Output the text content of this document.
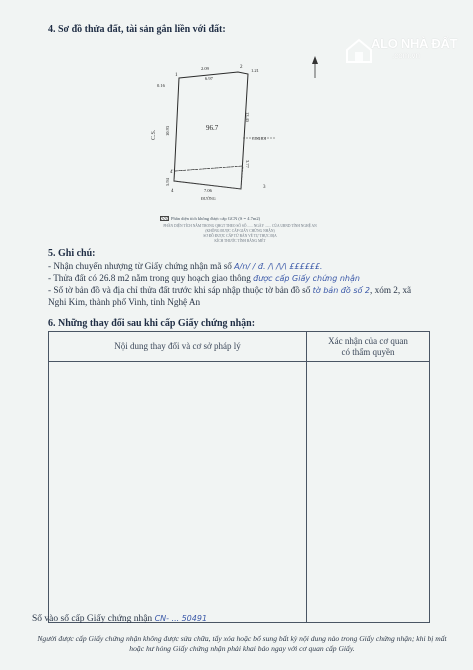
4. Sơ đồ thửa đất, tài sản gắn liền với đất:
1
2
3
4
4'
2.09
6.97
1.21
0.16
13.45
10.93
3.77
5.94
7.06
96.7
COGIOI
ĐƯỜNG
C.S.
Phần diện tích không được cấp GCN (S = 4.7m2)
PHẦN DIỆN TÍCH NẰM TRONG QHGT THEO SỐ SỐ ...... NGÀY ....... CỦA UBND TỈNH NGHỆ AN
(KHÔNG ĐƯỢC CẤP GIẤY CHỨNG NHẬN)
SƠ ĐỒ ĐƯỢC CẤP TỪ BẢN VẼ TỰ THỰC ĐỊA
KÍCH THƯỚC TÍNH BẰNG MÉT
5. Ghi chú:
- Nhận chuyển nhượng từ Giấy chứng nhận mã số A/n/ / đ. /\ /\/\ ££££££.
- Thửa đất có 26.8 m2 nằm trong quy hoạch giao thông được cấp Giấy chứng nhận
- Số tờ bản đồ và địa chỉ thửa đất trước khi sáp nhập thuộc tờ bản đồ số tờ bản đồ số 2, xóm 2, xã
Nghi Kim, thành phố Vinh, tỉnh Nghệ An
6. Những thay đổi sau khi cấp Giấy chứng nhận:
Nội dung thay đổi và cơ sở pháp lý	Xác nhận của cơ quan
có thẩm quyền

Số vào sổ cấp Giấy chứng nhận CN- ... 50491
Người được cấp Giấy chứng nhận không được sửa chữa, tẩy xóa hoặc bổ sung bất kỳ nội dung nào trong Giấy chứng nhận; khi bị mất hoặc hư hỏng Giấy chứng nhận phải khai báo ngay với cơ quan cấp Giấy.
ALO NHÀ ĐẤT
.com.vn
